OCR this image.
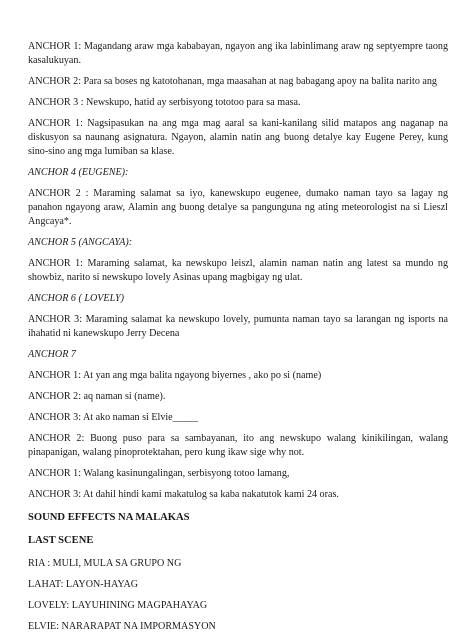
ANCHOR 1: Magandang araw mga kababayan, ngayon ang ika labinlimang araw ng septyempre taong kasalukuyan.

ANCHOR 2: Para sa boses ng katotohanan, mga maasahan at nag babagang apoy na balita narito ang

ANCHOR 3 : Newskupo, hatid ay serbisyong tototoo para sa masa.

ANCHOR 1: Nagsipasukan na ang mga mag aaral sa kani-kanilang silid matapos ang naganap na diskusyon sa naunang asignatura. Ngayon, alamin natin ang buong detalye kay Eugene Perey, kung sino-sino ang mga lumiban sa klase.

ANCHOR 4 (EUGENE):

ANCHOR 2 : Maraming salamat sa iyo, kanewskupo eugenee, dumako naman tayo sa lagay ng panahon ngayong araw, Alamin ang buong detalye sa pangunguna ng ating meteorologist na si Lieszl Angcaya*.

ANCHOR 5 (ANGCAYA):

ANCHOR 1: Maraming salamat, ka newskupo leiszl, alamin naman natin ang latest sa mundo ng showbiz, narito si newskupo lovely Asinas upang magbigay ng ulat.

ANCHOR 6 ( LOVELY)

ANCHOR 3: Maraming salamat ka newskupo lovely, pumunta naman tayo sa larangan ng isports na ihahatid ni kanewskupo Jerry Decena

ANCHOR 7

ANCHOR 1: At yan ang mga balita ngayong biyernes , ako po si (name)

ANCHOR 2: aq naman si (name).

ANCHOR 3: At ako naman si Elvie_____

ANCHOR 2: Buong puso para sa sambayanan, ito ang newskupo walang kinikilingan, walang pinapanigan, walang pinoprotektahan, pero kung ikaw sige why not.

ANCHOR 1: Walang kasinungalingan, serbisyong totoo lamang,

ANCHOR 3: At dahil hindi kami makatulog sa kaba nakatutok kami 24 oras.

SOUND EFFECTS NA MALAKAS

LAST SCENE

RIA : MULI, MULA SA GRUPO NG

LAHAT: LAYON-HAYAG

LOVELY: LAYUHINING MAGPAHAYAG

ELVIE: NARARAPAT NA IMPORMASYON
